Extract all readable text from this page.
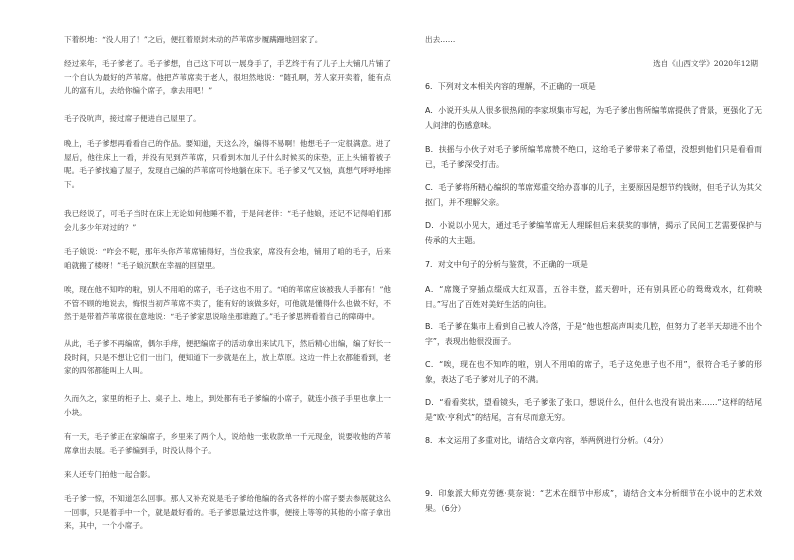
下着织地：“没人用了！”之后，便扛着原封未动的芦苇席步履蹒跚地回家了。

经过来年，毛子爹老了。毛子爹想，自己这下可以一展身手了，手艺终于有了儿子上大铺几片铺了一个自认为最好的芦苇席。他把芦苇席卖于老人，很坦然地说：“随孔啊，芳人家开卖着，能有点儿的富有儿，去给你编个席子，拿去用吧！”

毛子没吭声，接过席子便进自己屋里了。

晚上，毛子爹想再看看自己的作品。要知道，天这么冷，编得不易啊！他想毛子一定很满意。进了屋后，他往床上一看，并没有见到芦苇席，只看到木加儿子什么时候买的床垫，正上头铺着被子呢。毛子爹找遍了屋子，发现自己编的芦苇席可怜地躺在床下。毛子爹又气又恼，真想气呼呼地摔下。

我已经说了，可毛子当时在床上无论如何他睡不着，于是问老伴：“毛子他娘，还记不记得咱们那会儿多少年对过的？”

毛子娘说：“咋会不呢，那年头你芦苇席铺得好，当位我家，席没有会地，铺用了咱的毛子，后来咱就搬了楼呀！”毛子娘沉默在幸福的回望里。

唉，现在他不知咋的啦，别人不用咱的席子，毛子这也不用了。“咱的苇席应该被我人手都有！”他不管不顾的地说去，悔恨当初芦苇席不卖了，能有好的该做多好，可他就是懂得什么也做不好，不然于是带着芦苇席很在意地说：“毛子爹家思说啥坐那谁跑了。”毛子爹思辨看着自己的障碍中。

从此，毛子爹不再编席，偶尔手痒，便把编席子的活动拿出来试几下，然后精心出编，编了好长一段时间，只是不想让它们一出门，便知道下一步就是在上，放上草原。这边一件上衣都能看到，老家的四邻都能叫上人叫。

久而久之，家里的柜子上、桌子上、地上，到处都有毛子爹编的小席子，就连小孩子手里也拿上一小块。

有一天，毛子爹正在家编席子，乡里来了两个人，说给他一张收款单一千元现金，说要收他的芦苇席拿出去展。毛子爹编到手，时没认得个子。

来人还专门拍他一起合影。

毛子爹一惊，不知道怎么回事。那人又补充说是毛子爹给他编的各式各样的小席子要去参展就这么一回事，只是着手中一个，就是最好看的。毛子爹思量过这件事，便接上等等的其他的小席子拿出来，其中，一个小席子。

出去……

选自《山西文学》2020年12期

6．下列对文本相关内容的理解，不正确的一项是

A．小说开头从人很多很热闹的李家坝集市写起，为毛子爹出售所编苇席提供了背景，更强化了无人问津的伤感意味。

B．扶摇与小伙子对毛子爹所编苇席赞不绝口，这给毛子爹带来了希望，没想到他们只是看看而已，毛子爹深受打击。

C．毛子爹将所精心编织的苇席郑重交给办喜事的儿子，主要原因是想节约钱财，但毛子认为其父抠门，并不理解父亲。

D．小说以小见大，通过毛子爹编苇席无人理睬但后来获奖的事情，揭示了民间工艺需要保护与传承的大主题。

7．对文中句子的分析与鉴赏，不正确的一项是

A．“席篾子穿插点缀成大红双喜，五谷丰登，蓝天碧叶，还有别具匠心的鸳鸯戏水，红荷映日。”写出了百姓对美好生活的向往。

B．毛子爹在集市上看到自己被人冷落，于是“他也想高声叫卖几腔，但努力了老半天却进不出个字”，表现出他很没面子。

C．“唉，现在也不知咋的啦，别人不用咱的席子，毛子这免患子也不用”，很符合毛子爹的形象，表达了毛子爹对儿子的不满。

D．“看看奖状，望看镜头，毛子爹张了张口，想说什么，但什么也没有说出来……”这样的结尾是“欧·亨利式”的结尾，言有尽而意无穷。

8．本文运用了多重对比，请结合文章内容，举两例进行分析。（4分）

9．印象派大师克劳德·莫奈说：“艺术在细节中形成”，请结合文本分析细节在小说中的艺术效果。（6分）
